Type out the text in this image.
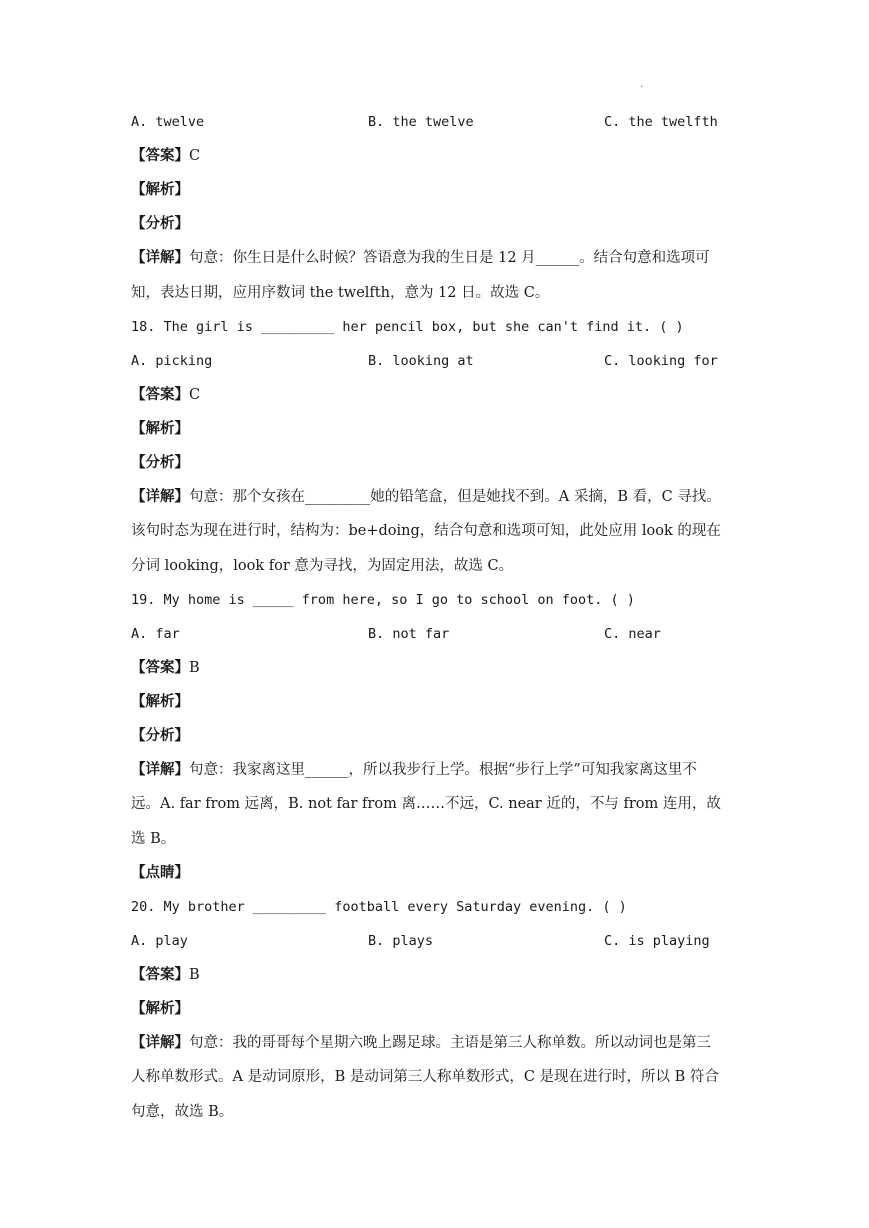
·
A. twelve	B. the twelve	C. the twelfth
【答案】C
【解析】
【分析】
【详解】句意：你生日是什么时候？答语意为我的生日是 12 月______。结合句意和选项可
知，表达日期，应用序数词 the twelfth，意为 12 日。故选 C。
18. The girl is _________ her pencil box, but she can't find it. ( )
A. picking	B. looking at	C. looking for
【答案】C
【解析】
【分析】
【详解】句意：那个女孩在_________她的铅笔盒，但是她找不到。A 采摘，B 看，C 寻找。
该句时态为现在进行时，结构为：be+doing，结合句意和选项可知，此处应用 look 的现在
分词 looking，look for 意为寻找，为固定用法，故选 C。
19. My home is _____ from here, so I go to school on foot. ( )
A. far	B. not far	C. near
【答案】B
【解析】
【分析】
【详解】句意：我家离这里______，所以我步行上学。根据“步行上学”可知我家离这里不
远。A. far from 远离，B. not far from 离……不远，C. near 近的，不与 from 连用，故
选 B。
【点睛】
20. My brother _________ football every Saturday evening. ( )
A. play	B. plays	C. is playing
【答案】B
【解析】
【详解】句意：我的哥哥每个星期六晚上踢足球。主语是第三人称单数。所以动词也是第三
人称单数形式。A 是动词原形，B 是动词第三人称单数形式，C 是现在进行时，所以 B 符合
句意，故选 B。
